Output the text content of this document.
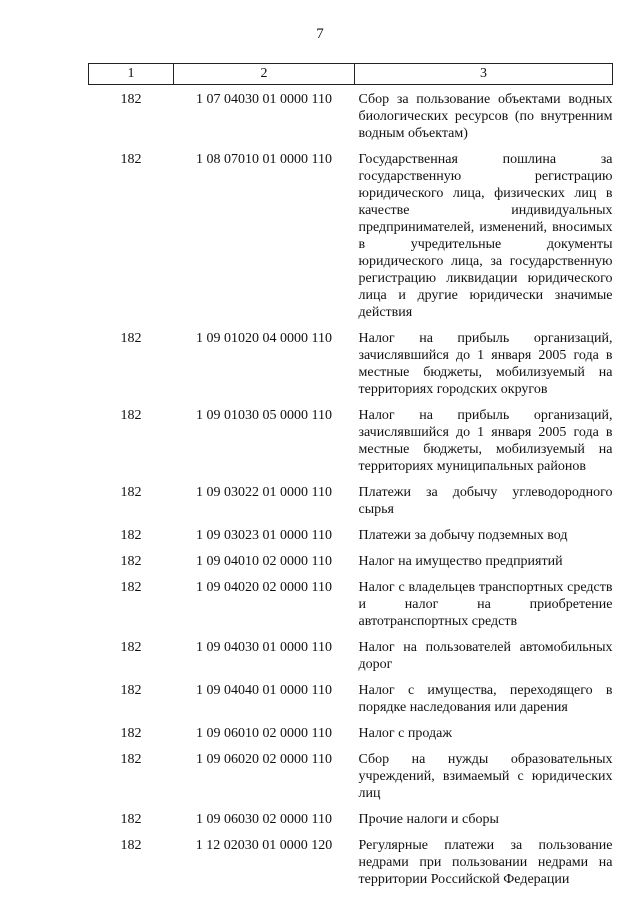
7
1	2	3
182	1 07 04030 01 0000 110	Сбор за пользование объектами водных биологических ресурсов (по внутренним водным объектам)
182	1 08 07010 01 0000 110	Государственная пошлина за государственную регистрацию юридического лица, физических лиц в качестве индивидуальных предпринимателей, изменений, вносимых в учредительные документы юридического лица, за государственную регистрацию ликвидации юридического лица и другие юридически значимые действия
182	1 09 01020 04 0000 110	Налог на прибыль организаций, зачислявшийся до 1 января 2005 года в местные бюджеты, мобилизуемый на территориях городских округов
182	1 09 01030 05 0000 110	Налог на прибыль организаций, зачислявшийся до 1 января 2005 года в местные бюджеты, мобилизуемый на территориях муниципальных районов
182	1 09 03022 01 0000 110	Платежи за добычу углеводородного сырья
182	1 09 03023 01 0000 110	Платежи за добычу подземных вод
182	1 09 04010 02 0000 110	Налог на имущество предприятий
182	1 09 04020 02 0000 110	Налог с владельцев транспортных средств и налог на приобретение автотранспортных средств
182	1 09 04030 01 0000 110	Налог на пользователей автомобильных дорог
182	1 09 04040 01 0000 110	Налог с имущества, переходящего в порядке наследования или дарения
182	1 09 06010 02 0000 110	Налог с продаж
182	1 09 06020 02 0000 110	Сбор на нужды образовательных учреждений, взимаемый с юридических лиц
182	1 09 06030 02 0000 110	Прочие налоги и сборы
182	1 12 02030 01 0000 120	Регулярные платежи за пользование недрами при пользовании недрами на территории Российской Федерации
